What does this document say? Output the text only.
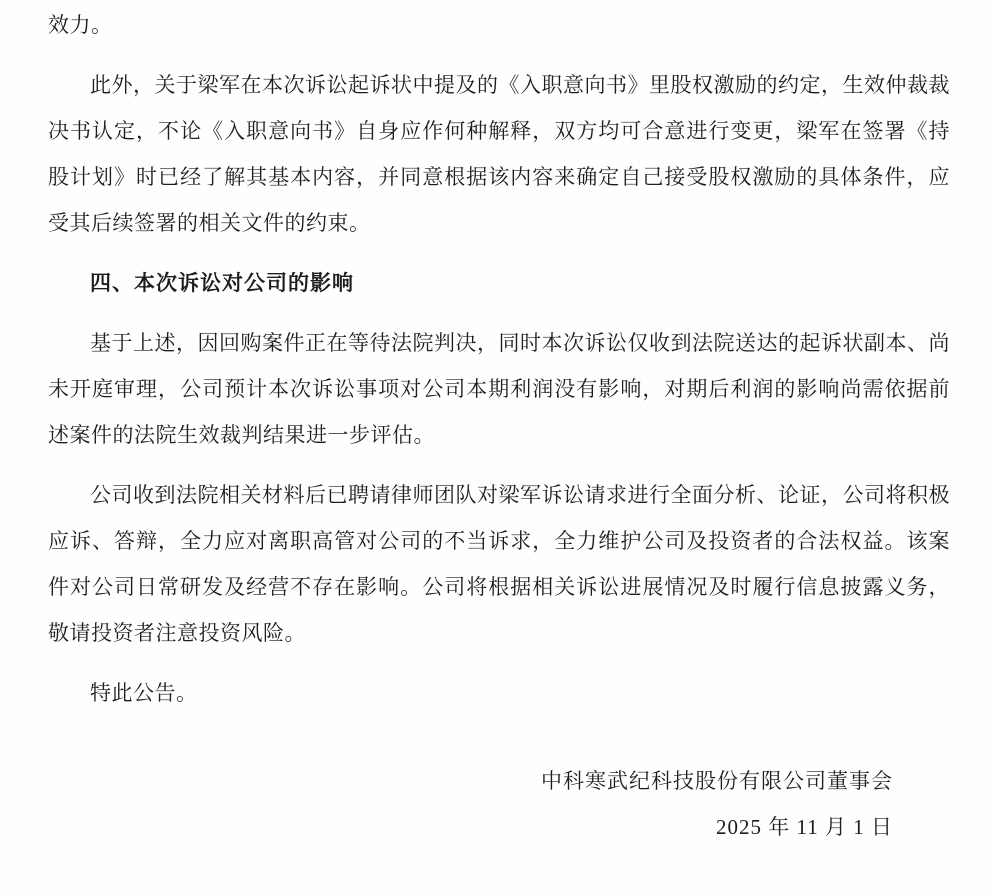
效力。

此外，关于梁军在本次诉讼起诉状中提及的《入职意向书》里股权激励的约定，生效仲裁裁决书认定，不论《入职意向书》自身应作何种解释，双方均可合意进行变更，梁军在签署《持股计划》时已经了解其基本内容，并同意根据该内容来确定自己接受股权激励的具体条件，应受其后续签署的相关文件的约束。

四、本次诉讼对公司的影响

基于上述，因回购案件正在等待法院判决，同时本次诉讼仅收到法院送达的起诉状副本、尚未开庭审理，公司预计本次诉讼事项对公司本期利润没有影响，对期后利润的影响尚需依据前述案件的法院生效裁判结果进一步评估。

公司收到法院相关材料后已聘请律师团队对梁军诉讼请求进行全面分析、论证，公司将积极应诉、答辩，全力应对离职高管对公司的不当诉求，全力维护公司及投资者的合法权益。该案件对公司日常研发及经营不存在影响。公司将根据相关诉讼进展情况及时履行信息披露义务，敬请投资者注意投资风险。

特此公告。

中科寒武纪科技股份有限公司董事会

2025 年 11 月 1 日
